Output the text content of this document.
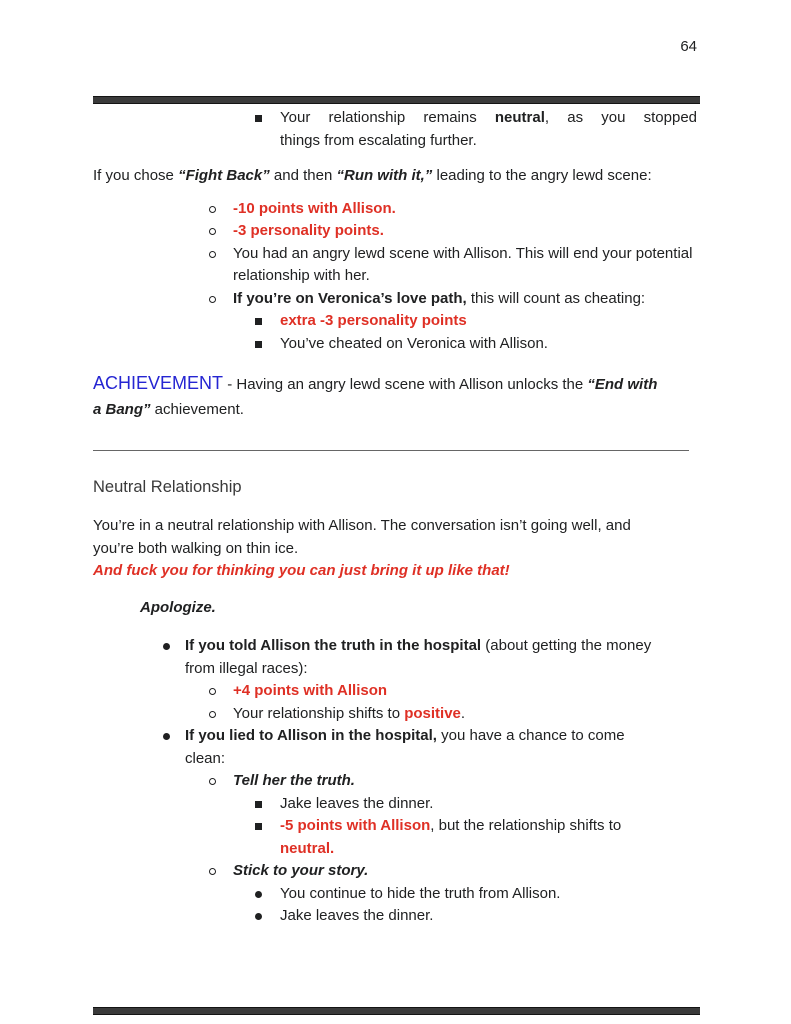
64
Your relationship remains neutral, as you stopped
things from escalating further.
If you chose “Fight Back” and then “Run with it,” leading to the angry lewd scene:
-10 points with Allison.
-3 personality points.
You had an angry lewd scene with Allison. This will end your potential
relationship with her.
If you’re on Veronica’s love path, this will count as cheating:
extra -3 personality points
You’ve cheated on Veronica with Allison.
ACHIEVEMENT - Having an angry lewd scene with Allison unlocks the “End with
a Bang” achievement.
Neutral Relationship
You’re in a neutral relationship with Allison. The conversation isn’t going well, and
you’re both walking on thin ice.
And fuck you for thinking you can just bring it up like that!
Apologize.
If you told Allison the truth in the hospital (about getting the money
from illegal races):
+4 points with Allison
Your relationship shifts to positive.
If you lied to Allison in the hospital, you have a chance to come
clean:
Tell her the truth.
Jake leaves the dinner.
-5 points with Allison, but the relationship shifts to
neutral.
Stick to your story.
You continue to hide the truth from Allison.
Jake leaves the dinner.
